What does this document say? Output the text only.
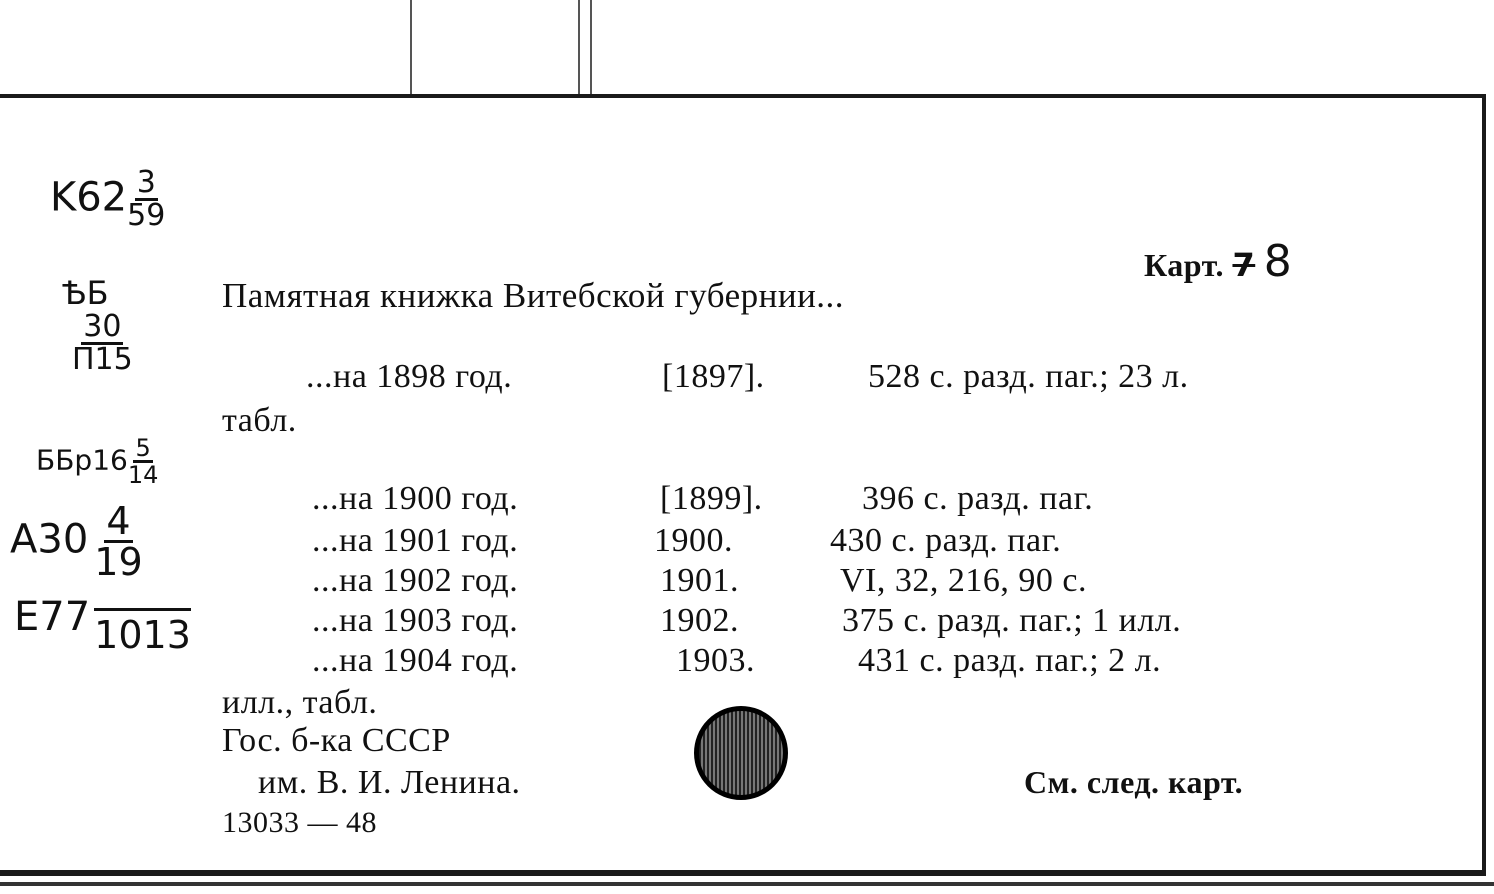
$K62 \frac{3}{59}$
ѢБ
$\frac{30}{П15}$
$ББр16 \frac{5}{14}$
$A30 \frac{4}{19}$
E77 1013
Карт. 7 8
Памятная книжка Витебской губернии...
...на 1898 год.	[1897].	528 с. разд. паг.; 23 л.
табл.
...на 1900 год.	[1899].	396 с. разд. паг.
...на 1901 год.	1900.	430 с. разд. паг.
...на 1902 год.	1901.	VI, 32, 216, 90 с.
...на 1903 год.	1902.	375 с. разд. паг.; 1 илл.
...на 1904 год.	1903.	431 с. разд. паг.; 2 л.
илл., табл.
Гос. б-ка СССР
им. В. И. Ленина.
13033 — 48
См. след. карт.
